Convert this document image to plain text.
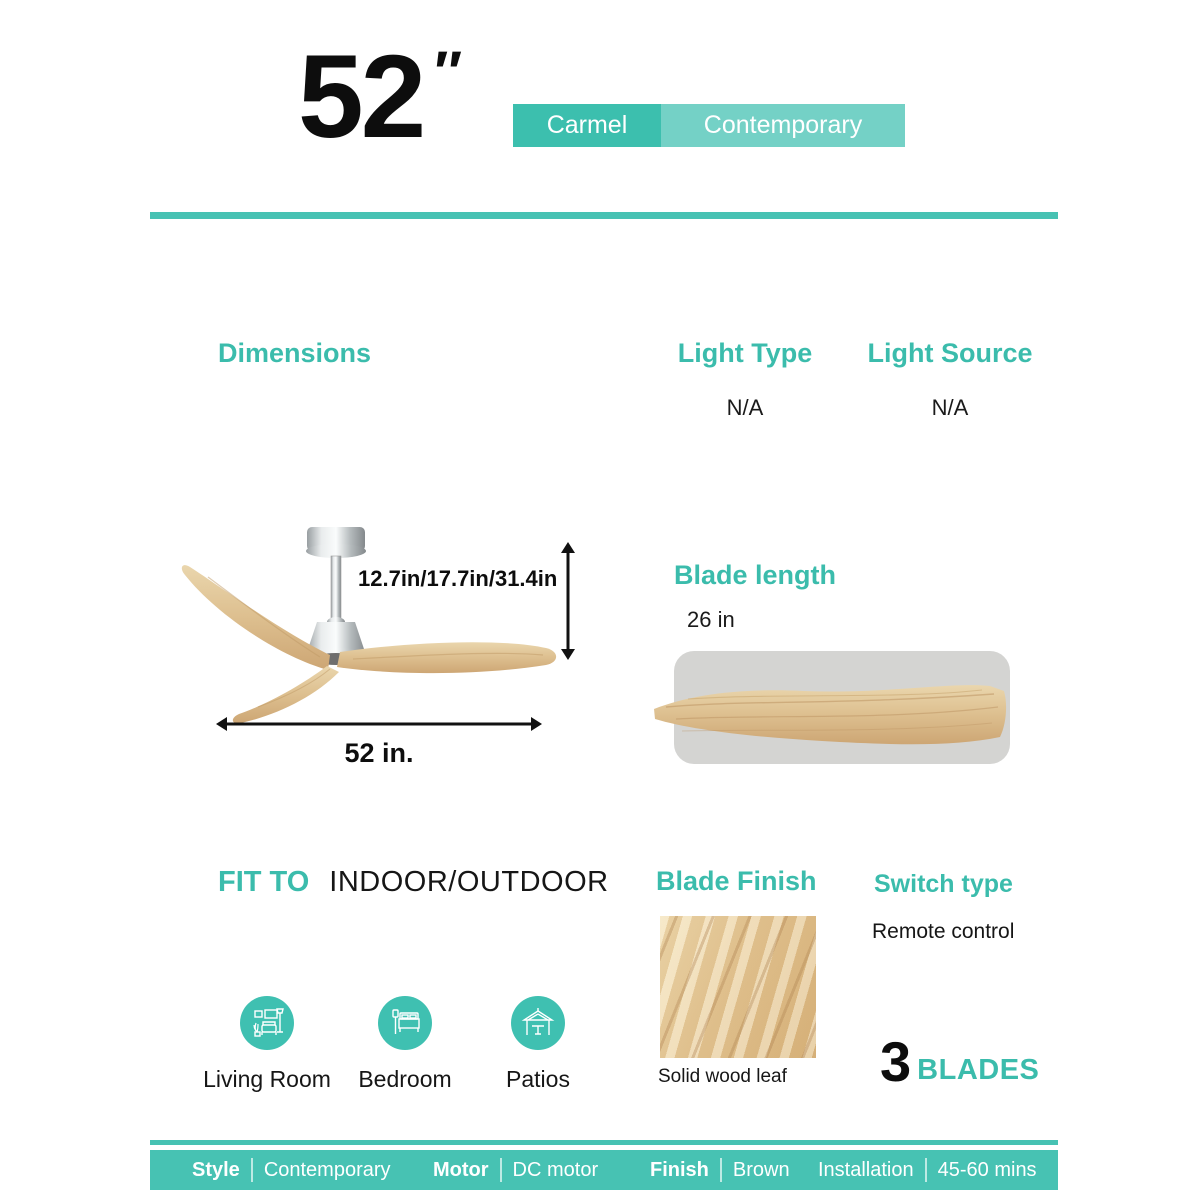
52 ″
Carmel	Contemporary
Dimensions	Light Type
N/A
Light Source
N/A
12.7in/17.7in/31.4in
52 in.
Blade length
26 in
FIT TO INDOOR/OUTDOOR
Living Room	Bedroom	Patios
Blade Finish
Solid wood leaf
Switch type
Remote control
3 BLADES
Style Contemporary Motor DC motor	Finish Brown Installation 45-60 mins
